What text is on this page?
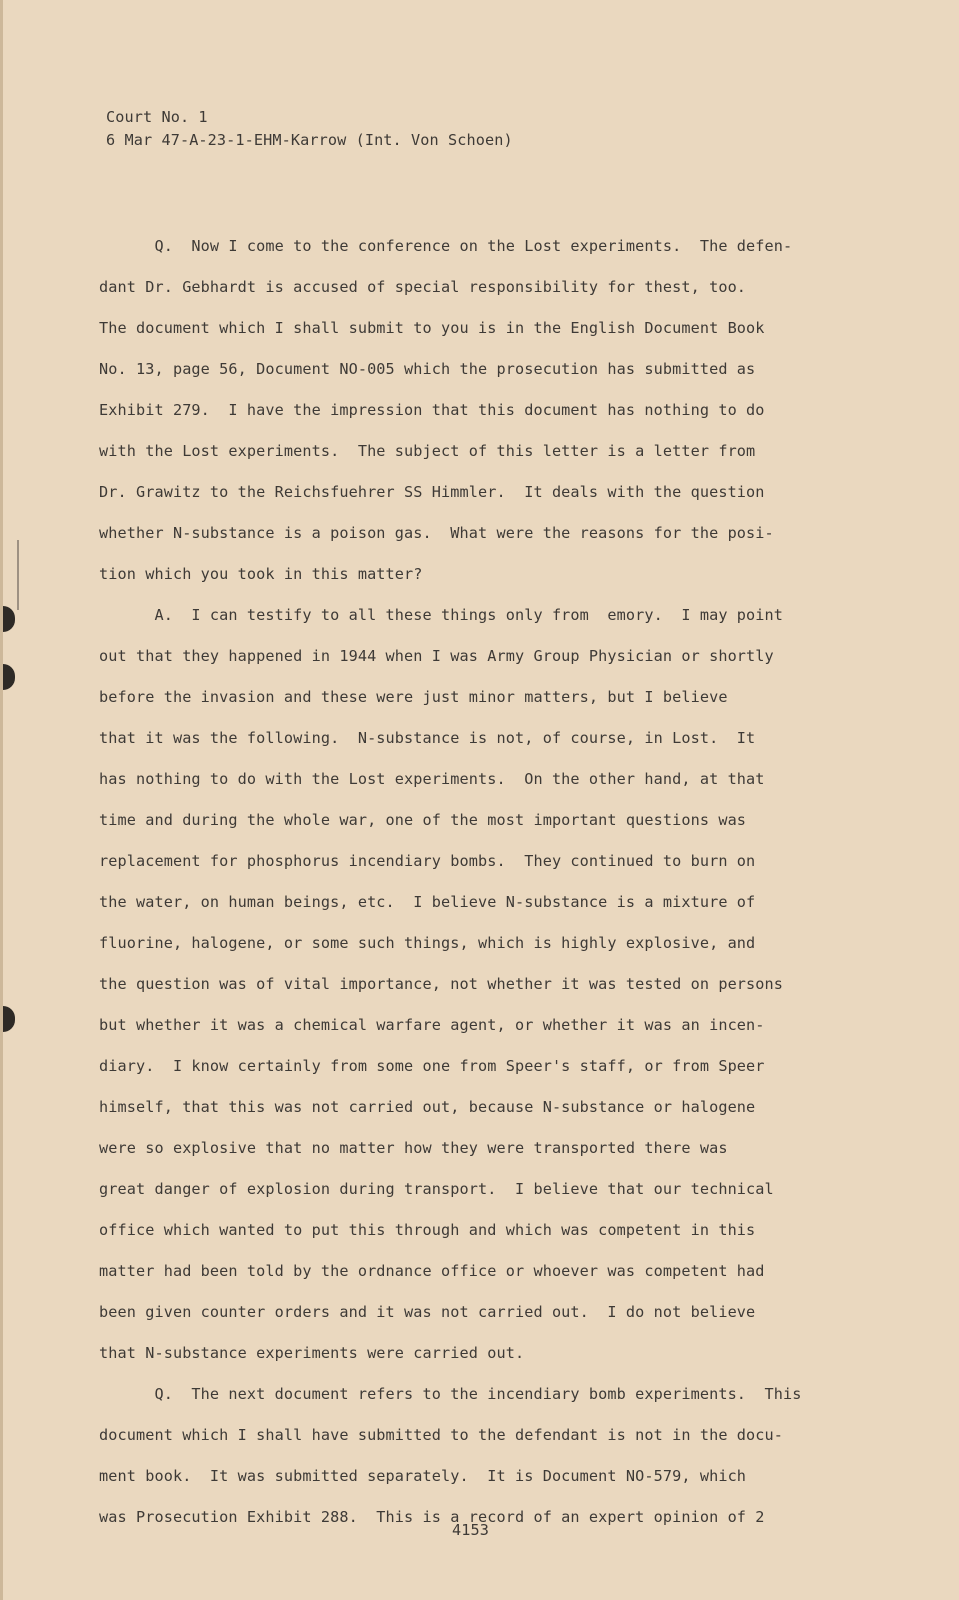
Court No. 1
6 Mar 47-A-23-1-EHM-Karrow (Int. Von Schoen)
Q.  Now I come to the conference on the Lost experiments.  The defen-
dant Dr. Gebhardt is accused of special responsibility for thest, too.
The document which I shall submit to you is in the English Document Book
No. 13, page 56, Document NO-005 which the prosecution has submitted as
Exhibit 279.  I have the impression that this document has nothing to do
with the Lost experiments.  The subject of this letter is a letter from
Dr. Grawitz to the Reichsfuehrer SS Himmler.  It deals with the question
whether N-substance is a poison gas.  What were the reasons for the posi-
tion which you took in this matter?
A.  I can testify to all these things only from  emory.  I may point
out that they happened in 1944 when I was Army Group Physician or shortly
before the invasion and these were just minor matters, but I believe
that it was the following.  N-substance is not, of course, in Lost.  It
has nothing to do with the Lost experiments.  On the other hand, at that
time and during the whole war, one of the most important questions was
replacement for phosphorus incendiary bombs.  They continued to burn on
the water, on human beings, etc.  I believe N-substance is a mixture of
fluorine, halogene, or some such things, which is highly explosive, and
the question was of vital importance, not whether it was tested on persons
but whether it was a chemical warfare agent, or whether it was an incen-
diary.  I know certainly from some one from Speer's staff, or from Speer
himself, that this was not carried out, because N-substance or halogene
were so explosive that no matter how they were transported there was
great danger of explosion during transport.  I believe that our technical
office which wanted to put this through and which was competent in this
matter had been told by the ordnance office or whoever was competent had
been given counter orders and it was not carried out.  I do not believe
that N-substance experiments were carried out.
Q.  The next document refers to the incendiary bomb experiments.  This
document which I shall have submitted to the defendant is not in the docu-
ment book.  It was submitted separately.  It is Document NO-579, which
was Prosecution Exhibit 288.  This is a record of an expert opinion of 2
4153
